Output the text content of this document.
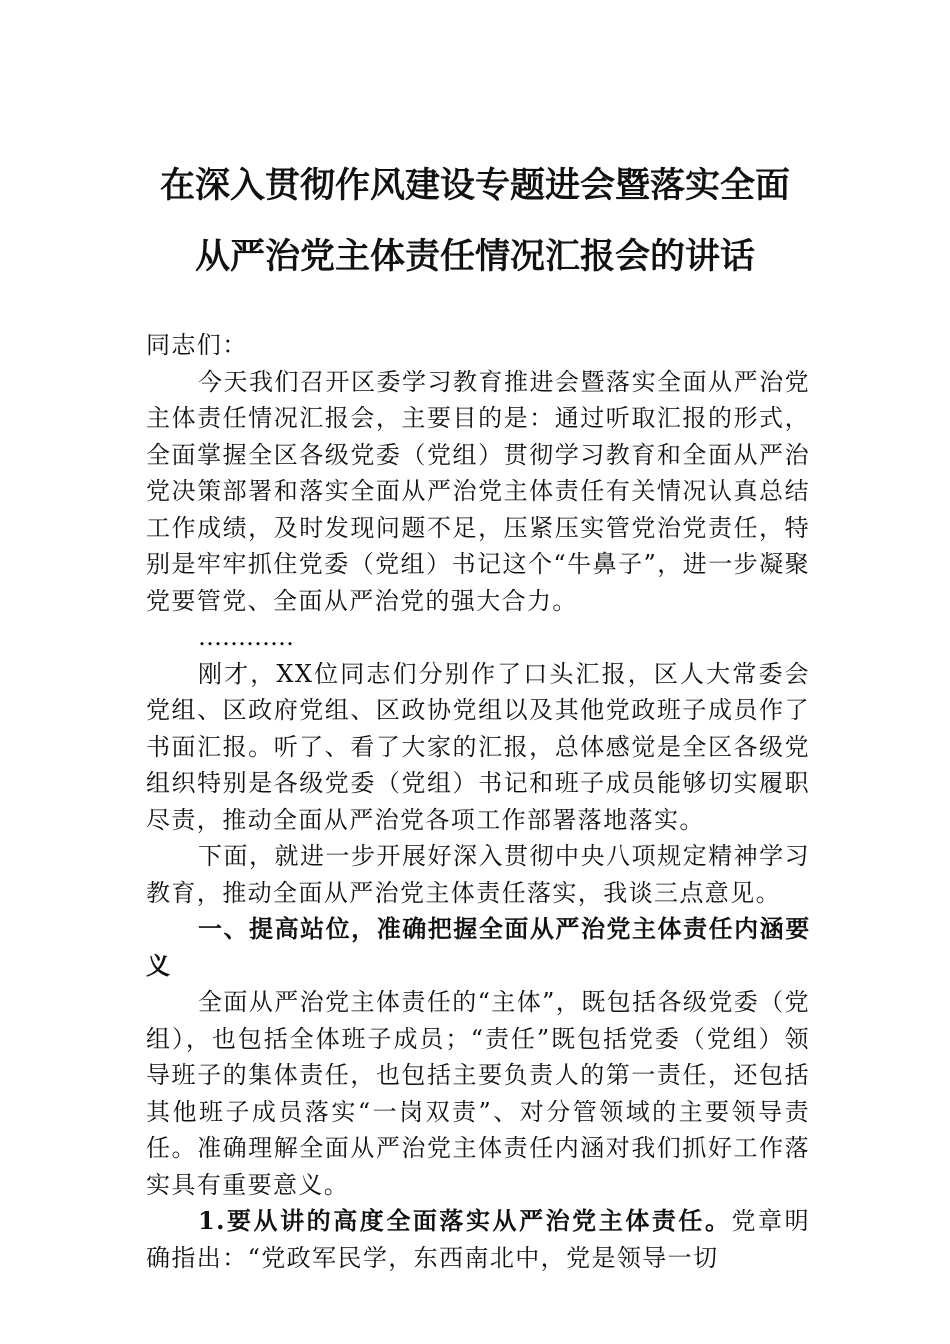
在深入贯彻作风建设专题进会暨落实全面
从严治党主体责任情况汇报会的讲话

同志们：

今天我们召开区委学习教育推进会暨落实全面从严治党主体责任情况汇报会，主要目的是：通过听取汇报的形式，全面掌握全区各级党委（党组）贯彻学习教育和全面从严治党决策部署和落实全面从严治党主体责任有关情况认真总结工作成绩，及时发现问题不足，压紧压实管党治党责任，特别是牢牢抓住党委（党组）书记这个“牛鼻子”，进一步凝聚党要管党、全面从严治党的强大合力。

…………

刚才，XX位同志们分别作了口头汇报，区人大常委会党组、区政府党组、区政协党组以及其他党政班子成员作了书面汇报。听了、看了大家的汇报，总体感觉是全区各级党组织特别是各级党委（党组）书记和班子成员能够切实履职尽责，推动全面从严治党各项工作部署落地落实。

下面，就进一步开展好深入贯彻中央八项规定精神学习教育，推动全面从严治党主体责任落实，我谈三点意见。

一、提高站位，准确把握全面从严治党主体责任内涵要义

全面从严治党主体责任的“主体”，既包括各级党委（党组），也包括全体班子成员；“责任”既包括党委（党组）领导班子的集体责任，也包括主要负责人的第一责任，还包括其他班子成员落实“一岗双责”、对分管领域的主要领导责任。准确理解全面从严治党主体责任内涵对我们抓好工作落实具有重要意义。

1.要从讲的高度全面落实从严治党主体责任。党章明确指出：“党政军民学，东西南北中，党是领导一切
